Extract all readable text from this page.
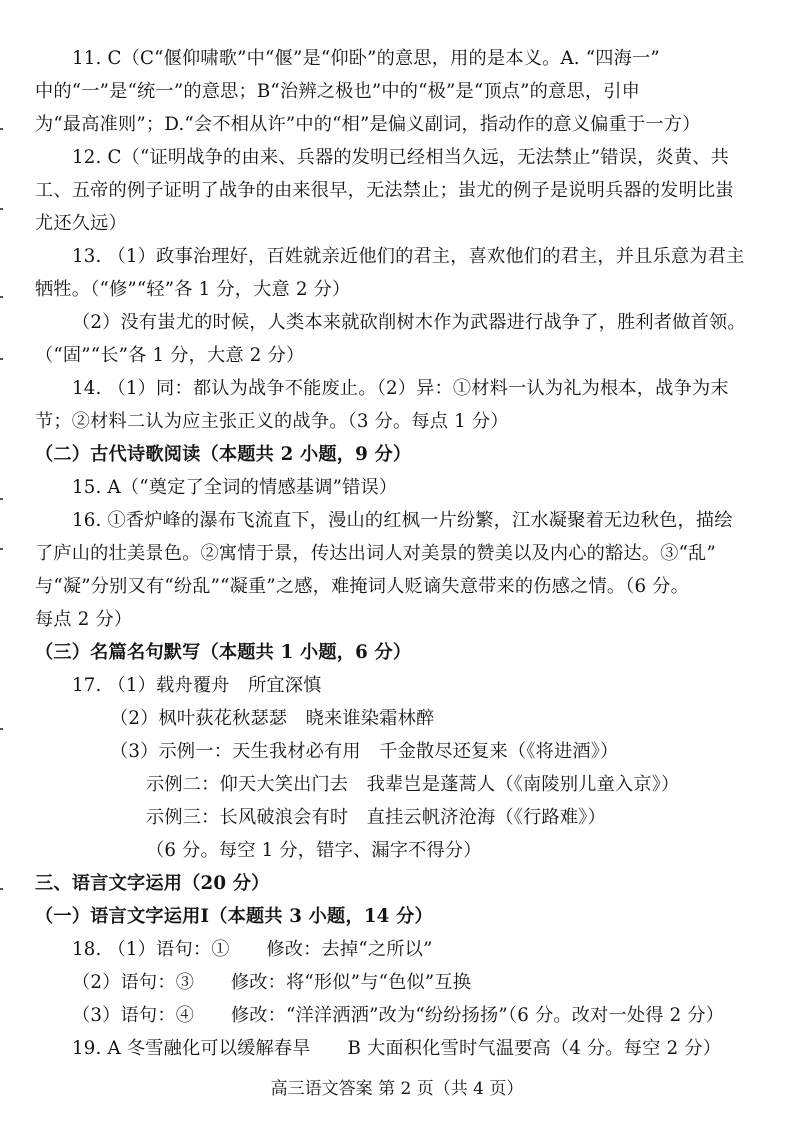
11. C（C“偃仰啸歌”中“偃”是“仰卧”的意思，用的是本义。A. “四海一”
中的“一”是“统一”的意思；B“治辨之极也”中的“极”是“顶点”的意思，引申
为“最高准则”；D.“会不相从许”中的“相”是偏义副词，指动作的意义偏重于一方）
12. C（“证明战争的由来、兵器的发明已经相当久远，无法禁止”错误，炎黄、共
工、五帝的例子证明了战争的由来很早，无法禁止；蚩尤的例子是说明兵器的发明比蚩
尤还久远）
13. （1）政事治理好，百姓就亲近他们的君主，喜欢他们的君主，并且乐意为君主
牺牲。（“修”“轻”各 1 分，大意 2 分）
（2）没有蚩尤的时候，人类本来就砍削树木作为武器进行战争了，胜利者做首领。
（“固”“长”各 1 分，大意 2 分）
14. （1）同：都认为战争不能废止。（2）异：①材料一认为礼为根本，战争为末
节；②材料二认为应主张正义的战争。（3 分。每点 1 分）
（二）古代诗歌阅读（本题共 2 小题，9 分）
15. A（“奠定了全词的情感基调”错误）
16. ①香炉峰的瀑布飞流直下，漫山的红枫一片纷繁，江水凝聚着无边秋色，描绘
了庐山的壮美景色。②寓情于景，传达出词人对美景的赞美以及内心的豁达。③“乱”
与“凝”分别又有“纷乱”“凝重”之感，难掩词人贬谪失意带来的伤感之情。（6 分。
每点 2 分）
（三）名篇名句默写（本题共 1 小题，6 分）
17. （1）载舟覆舟　所宜深慎
（2）枫叶荻花秋瑟瑟　晓来谁染霜林醉
（3）示例一：天生我材必有用　千金散尽还复来（《将进酒》）
示例二：仰天大笑出门去　我辈岂是蓬蒿人（《南陵别儿童入京》）
示例三：长风破浪会有时　直挂云帆济沧海（《行路难》）
（6 分。每空 1 分，错字、漏字不得分）
三、语言文字运用（20 分）
（一）语言文字运用Ⅰ（本题共 3 小题，14 分）
18. （1）语句：①　　修改：去掉“之所以”
（2）语句：③　　修改：将“形似”与“色似”互换
（3）语句：④　　修改：“洋洋洒洒”改为“纷纷扬扬”（6 分。改对一处得 2 分）
19. A 冬雪融化可以缓解春旱　　B 大面积化雪时气温要高（4 分。每空 2 分）
高三语文答案 第 2 页（共 4 页）
